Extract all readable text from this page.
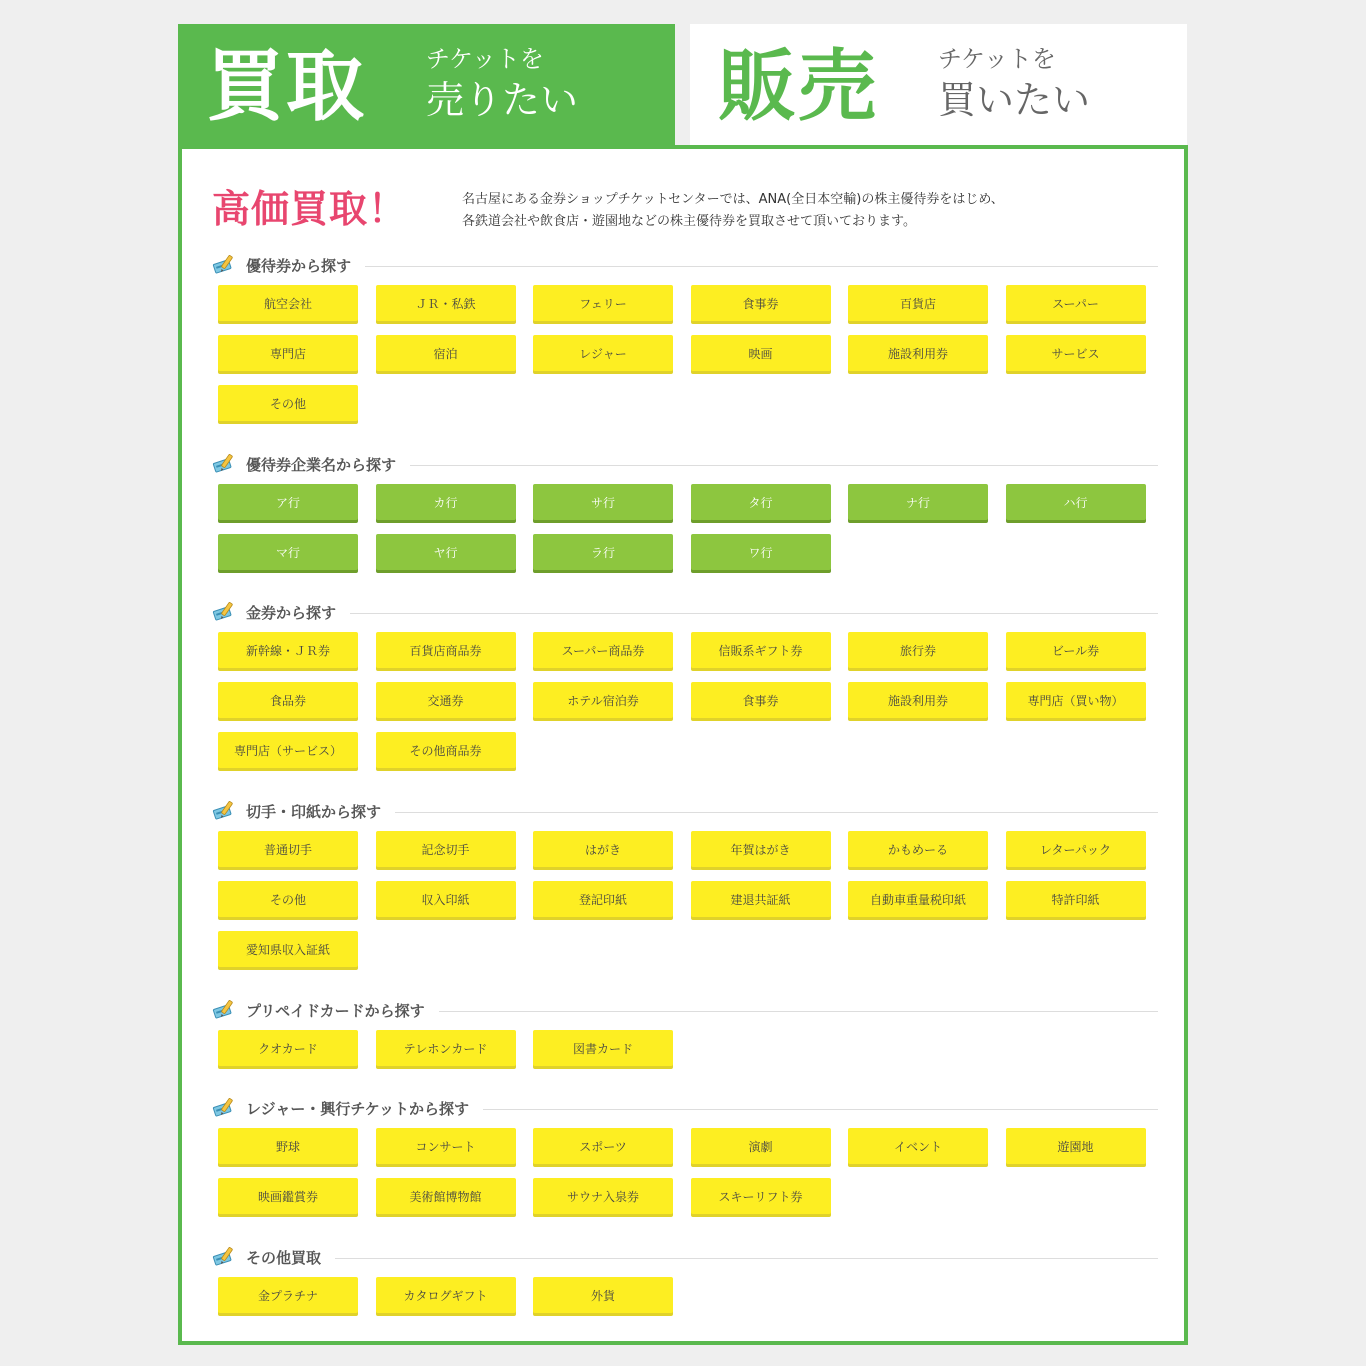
買取 チケットを
売りたい 販売 チケットを
買いたい
高価買取！	名古屋にある金券ショップチケットセンターでは、ANA(全日本空輸)の株主優待券をはじめ、
各鉄道会社や飲食店・遊園地などの株主優待券を買取させて頂いております。
優待券から探す
航空会社	ＪＲ・私鉄	フェリー	食事券	百貨店	スーパー
専門店	宿泊	レジャー	映画	施設利用券	サービス
その他
優待券企業名から探す
ア行	カ行	サ行	タ行	ナ行	ハ行
マ行	ヤ行	ラ行	ワ行
金券から探す
新幹線・ＪＲ券	百貨店商品券	スーパー商品券	信販系ギフト券	旅行券	ビール券
食品券	交通券	ホテル宿泊券	食事券	施設利用券	専門店（買い物）
専門店（サービス）	その他商品券
切手・印紙から探す
普通切手	記念切手	はがき	年賀はがき	かもめーる	レターパック
その他	収入印紙	登記印紙	建退共証紙	自動車重量税印紙	特許印紙
愛知県収入証紙
プリペイドカードから探す
クオカード	テレホンカード	図書カード
レジャー・興行チケットから探す
野球	コンサート	スポーツ	演劇	イベント	遊園地
映画鑑賞券	美術館博物館	サウナ入泉券	スキーリフト券
その他買取
金プラチナ	カタログギフト	外貨
